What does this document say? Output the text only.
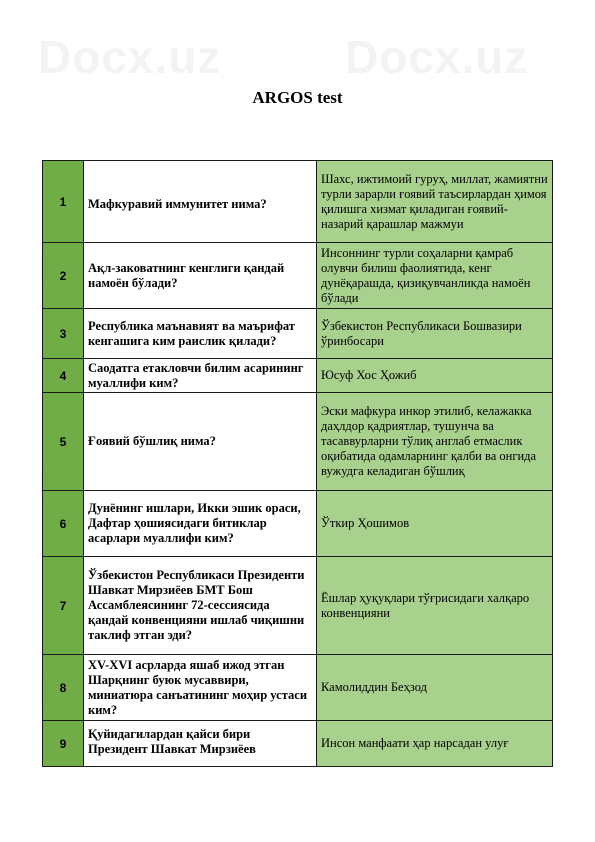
ARGOS test
1	Мафкуравий иммунитет нима?	Шахс, ижтимоий гуруҳ, миллат, жамиятни турли зарарли ғоявий таъсирлардан ҳимоя қилишга хизмат қиладиган ғоявий-назарий қарашлар мажмуи
2	Ақл-заковатнинг кенглиги қандай намоён бўлади?	Инсоннинг турли соҳаларни қамраб олувчи билиш фаолиятида, кенг дунёқарашда, қизиқувчанликда намоён бўлади
3	Республика маънавият ва маърифат кенгашига ким раислик қилади?	Ўзбекистон Республикаси Бошвазири ўринбосари
4	Саодатга етакловчи билим асарининг муаллифи ким?	Юсуф Хос Ҳожиб
5	Ғоявий бўшлиқ нима?	Эски мафкура инкор этилиб, келажакка даҳлдор қадриятлар, тушунча ва тасаввурларни тўлиқ англаб етмаслик оқибатида одамларнинг қалби ва онгида вужудга келадиган бўшлиқ
6	Дунёнинг ишлари, Икки эшик ораси, Дафтар ҳошиясидаги битиклар асарлари муаллифи ким?	Ўткир Ҳошимов
7	Ўзбекистон Республикаси Президенти Шавкат Мирзиёев БМТ Бош Ассамблеясининг 72-сессиясида қандай конвенцияни ишлаб чиқишни таклиф этган эди?	Ёшлар ҳуқуқлари тўғрисидаги халқаро конвенцияни
8	XV-XVI асрларда яшаб ижод этган Шарқнинг буюк мусаввири, миниатюра санъатининг моҳир устаси ким?	Камолиддин Беҳзод
9	Қуйидагилардан қайси бири Президент Шавкат Мирзиёев	Инсон манфаати ҳар нарсадан улуғ
